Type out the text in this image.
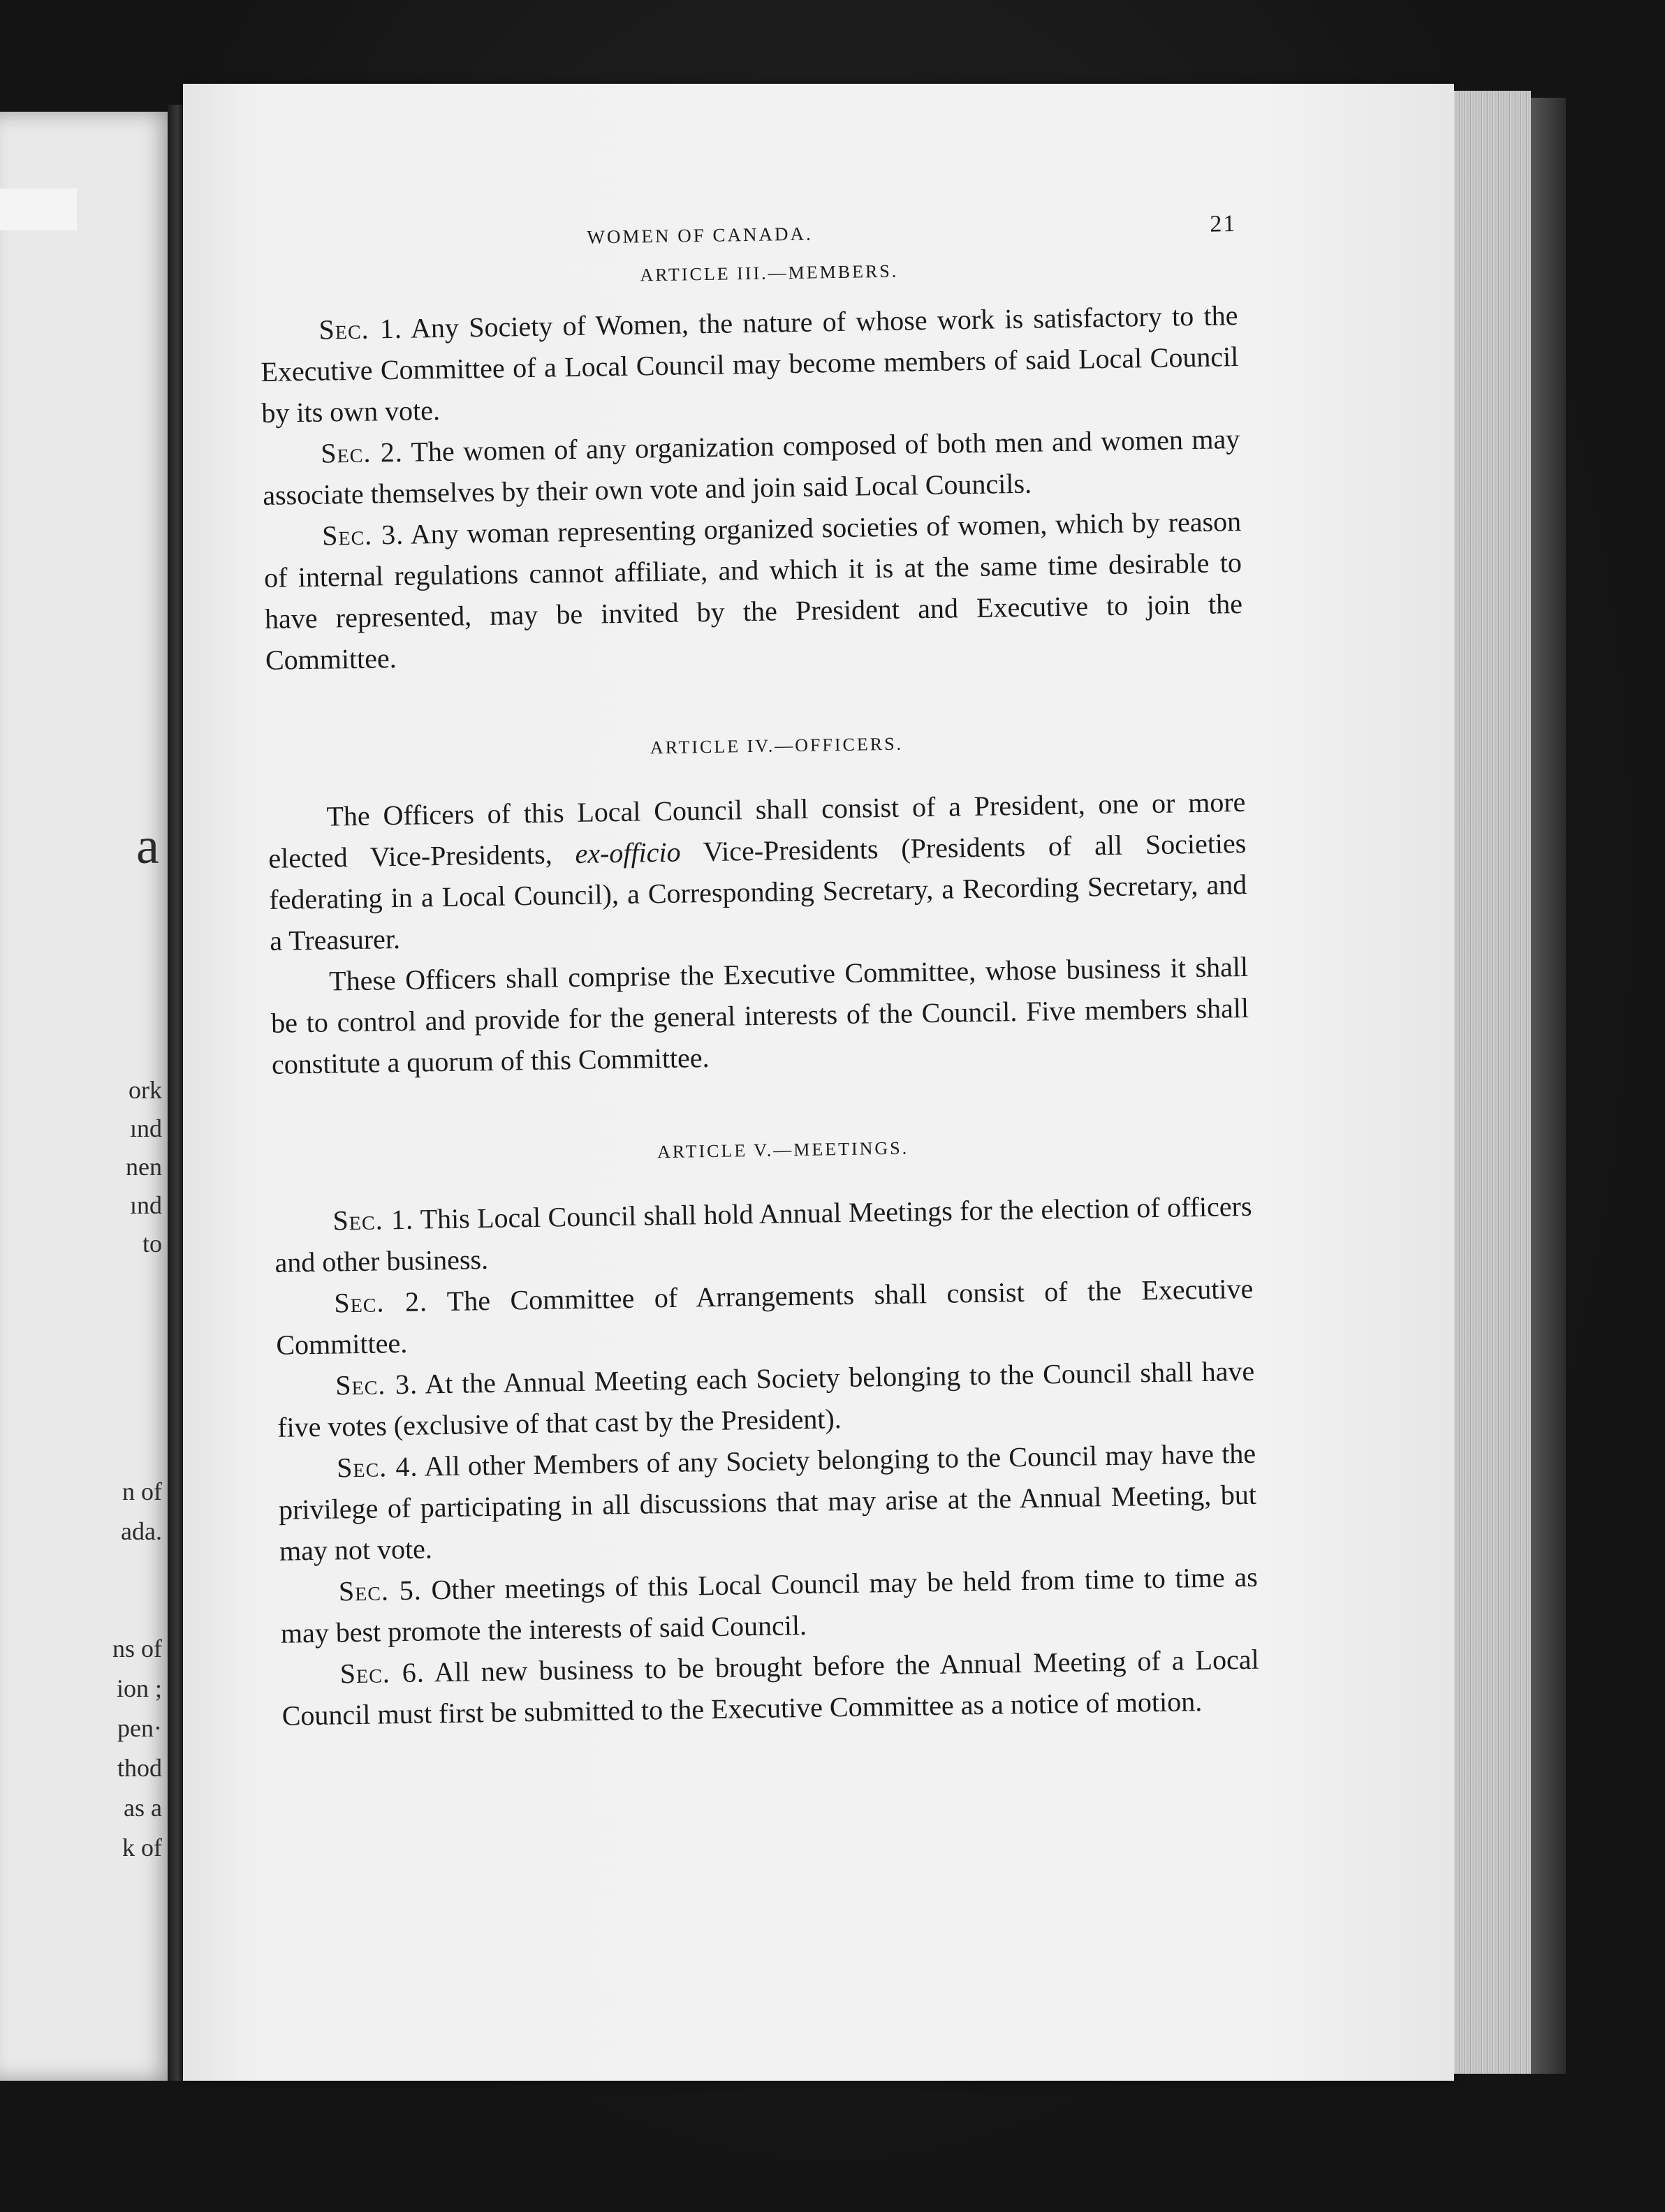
a
ork
ınd
nen
ınd
to
n of
ada.
ns of
ion ;
pen·
thod
as a
k of
WOMEN OF CANADA.	21
ARTICLE III.—MEMBERS.

Sec. 1. Any Society of Women, the nature of whose work is satisfactory to the Executive Committee of a Local Council may become members of said Local Council by its own vote.

Sec. 2. The women of any organization composed of both men and women may associate themselves by their own vote and join said Local Councils.

Sec. 3. Any woman representing organized societies of women, which by reason of internal regulations cannot affiliate, and which it is at the same time desirable to have represented, may be invited by the President and Executive to join the Committee.

ARTICLE IV.—OFFICERS.

The Officers of this Local Council shall consist of a President, one or more elected Vice-Presidents, ex-officio Vice-Presidents (Presidents of all Societies federating in a Local Council), a Corresponding Secretary, a Recording Secretary, and a Treasurer.

These Officers shall comprise the Executive Committee, whose business it shall be to control and provide for the general interests of the Council. Five members shall constitute a quorum of this Committee.

ARTICLE V.—MEETINGS.

Sec. 1. This Local Council shall hold Annual Meetings for the election of officers and other business.

Sec. 2. The Committee of Arrangements shall consist of the Executive Committee.

Sec. 3. At the Annual Meeting each Society belonging to the Council shall have five votes (exclusive of that cast by the President).

Sec. 4. All other Members of any Society belonging to the Council may have the privilege of participating in all discussions that may arise at the Annual Meeting, but may not vote.

Sec. 5. Other meetings of this Local Council may be held from time to time as may best promote the interests of said Council.

Sec. 6. All new business to be brought before the Annual Meeting of a Local Council must first be submitted to the Executive Committee as a notice of motion.
